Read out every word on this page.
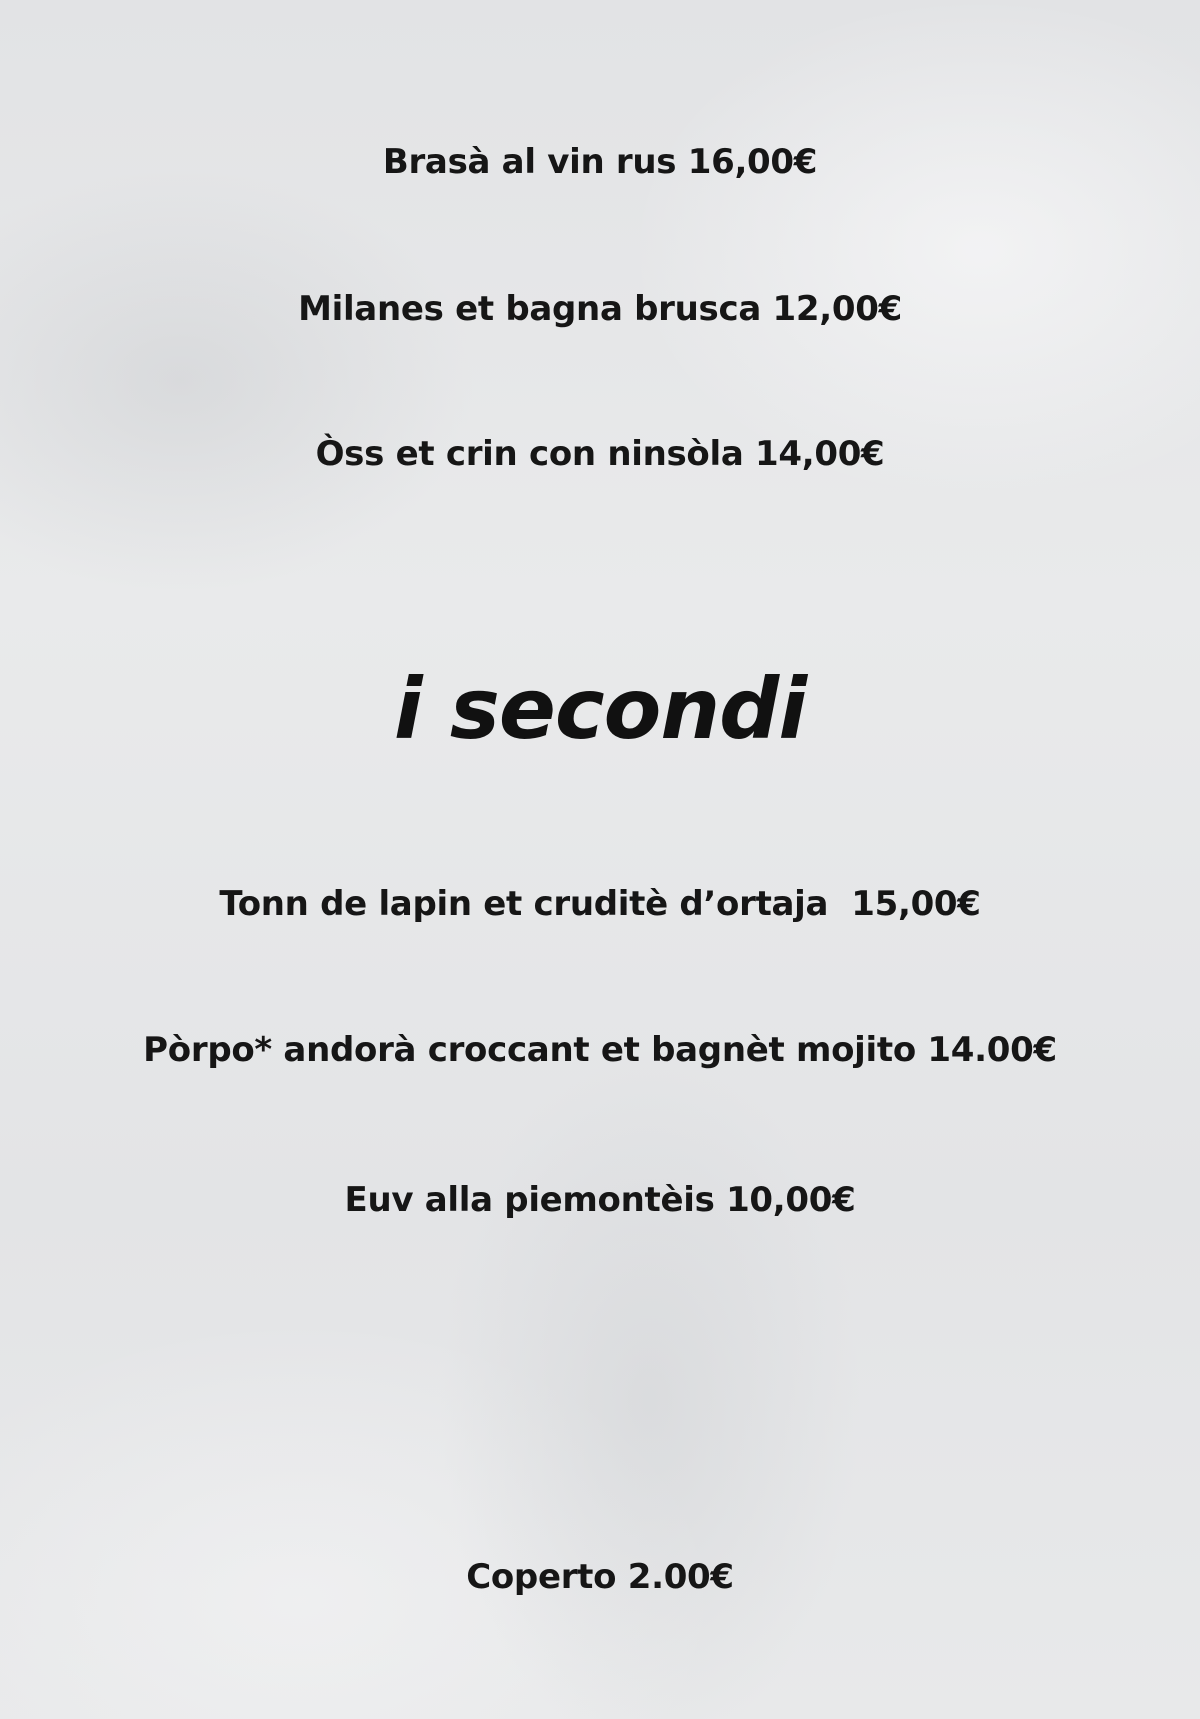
Brasà al vin rus 16,00€
Milanes et bagna brusca 12,00€
Òss et crin con ninsòla 14,00€
i secondi
Tonn de lapin et cruditè d’ortaja  15,00€
Pòrpo* andorà croccant et bagnèt mojito 14.00€
Euv alla piemontèis 10,00€
Coperto 2.00€
